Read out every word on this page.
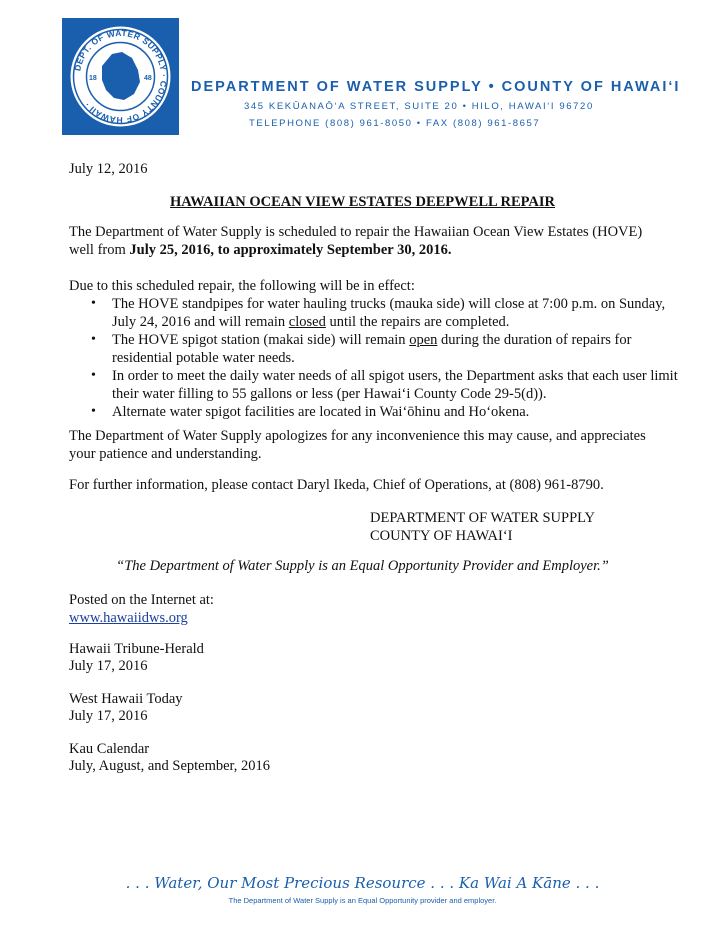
DEPT. OF WATER SUPPLY · COUNTY OF HAWAII ·
18	48
DEPARTMENT OF WATER SUPPLY • COUNTY OF HAWAI‘I
345 KEKŪANAŌ‘A STREET, SUITE 20 • HILO, HAWAI‘I 96720
TELEPHONE (808) 961-8050 • FAX (808) 961-8657
July 12, 2016
HAWAIIAN OCEAN VIEW ESTATES DEEPWELL REPAIR
The Department of Water Supply is scheduled to repair the Hawaiian Ocean View Estates (HOVE) well from July 25, 2016, to approximately September 30, 2016.
Due to this scheduled repair, the following will be in effect:
• The HOVE standpipes for water hauling trucks (mauka side) will close at 7:00 p.m. on Sunday, July 24, 2016 and will remain closed until the repairs are completed.
• The HOVE spigot station (makai side) will remain open during the duration of repairs for residential potable water needs.
• In order to meet the daily water needs of all spigot users, the Department asks that each user limit their water filling to 55 gallons or less (per Hawai‘i County Code 29-5(d)).
• Alternate water spigot facilities are located in Wai‘ōhinu and Ho‘okena.
The Department of Water Supply apologizes for any inconvenience this may cause, and appreciates your patience and understanding.
For further information, please contact Daryl Ikeda, Chief of Operations, at (808) 961-8790.
DEPARTMENT OF WATER SUPPLY
COUNTY OF HAWAI‘I
“The Department of Water Supply is an Equal Opportunity Provider and Employer.”
Posted on the Internet at:
www.hawaiidws.org
Hawaii Tribune-Herald
July 17, 2016
West Hawaii Today
July 17, 2016
Kau Calendar
July, August, and September, 2016
. . . Water, Our Most Precious Resource . . . Ka Wai A Kāne . . .
The Department of Water Supply is an Equal Opportunity provider and employer.
